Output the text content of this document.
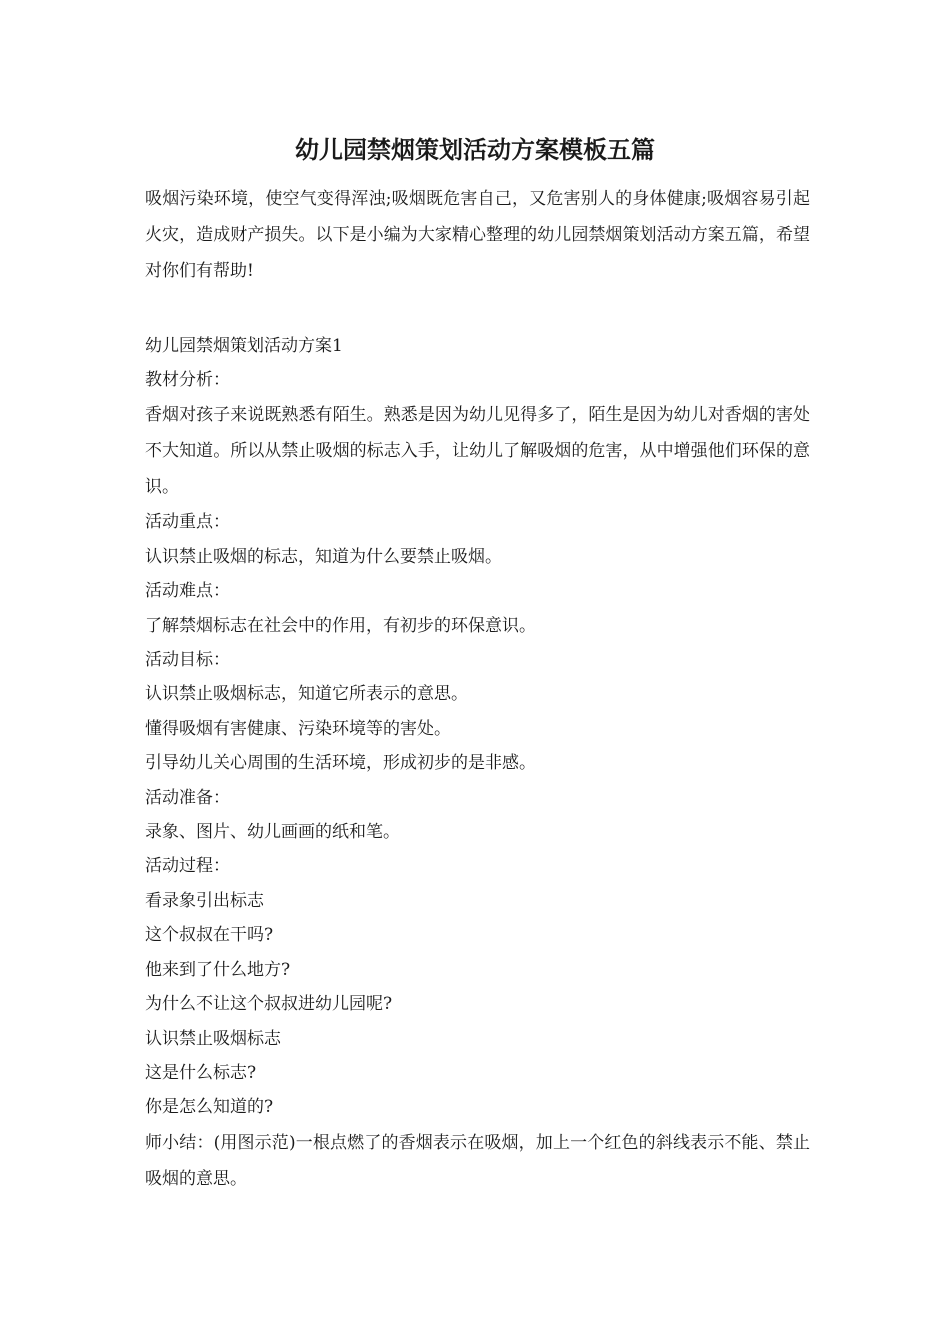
幼儿园禁烟策划活动方案模板五篇

吸烟污染环境，使空气变得浑浊;吸烟既危害自己，又危害别人的身体健康;吸烟容易引起火灾，造成财产损失。以下是小编为大家精心整理的幼儿园禁烟策划活动方案五篇，希望对你们有帮助!

幼儿园禁烟策划活动方案1
教材分析：
香烟对孩子来说既熟悉有陌生。熟悉是因为幼儿见得多了，陌生是因为幼儿对香烟的害处不大知道。所以从禁止吸烟的标志入手，让幼儿了解吸烟的危害，从中增强他们环保的意识。
活动重点：
认识禁止吸烟的标志，知道为什么要禁止吸烟。
活动难点：
了解禁烟标志在社会中的作用，有初步的环保意识。
活动目标：
认识禁止吸烟标志，知道它所表示的意思。
懂得吸烟有害健康、污染环境等的害处。
引导幼儿关心周围的生活环境，形成初步的是非感。
活动准备：
录象、图片、幼儿画画的纸和笔。
活动过程：
看录象引出标志
这个叔叔在干吗?
他来到了什么地方?
为什么不让这个叔叔进幼儿园呢?
认识禁止吸烟标志
这是什么标志?
你是怎么知道的?
师小结：(用图示范)一根点燃了的香烟表示在吸烟，加上一个红色的斜线表示不能、禁止吸烟的意思。
